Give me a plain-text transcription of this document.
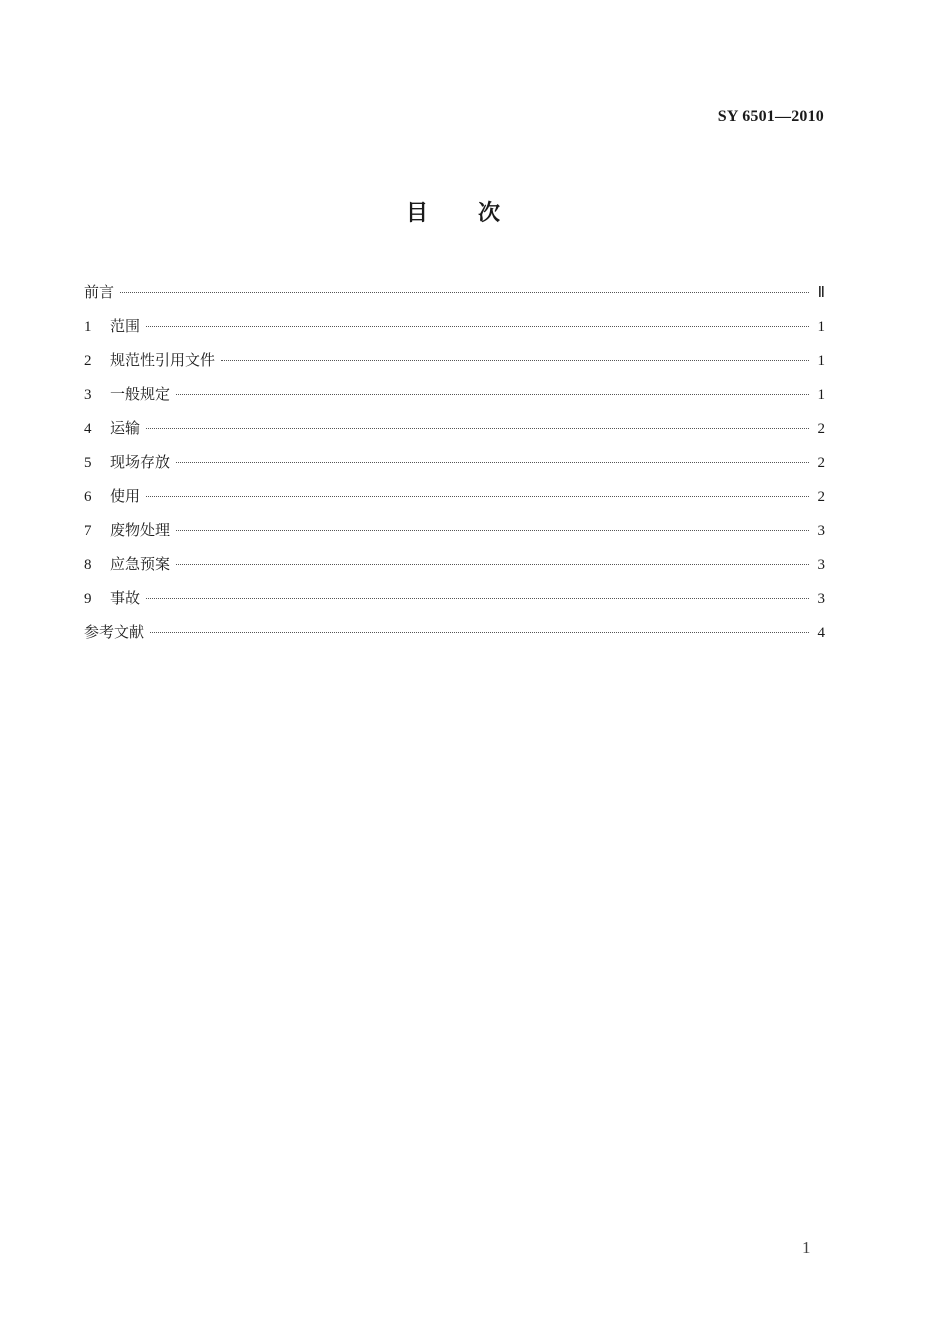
SY 6501—2010
目 次
前言	Ⅱ
1	范围	1
2	规范性引用文件	1
3	一般规定	1
4	运输	2
5	现场存放	2
6	使用	2
7	废物处理	3
8	应急预案	3
9	事故	3
参考文献	4
1
